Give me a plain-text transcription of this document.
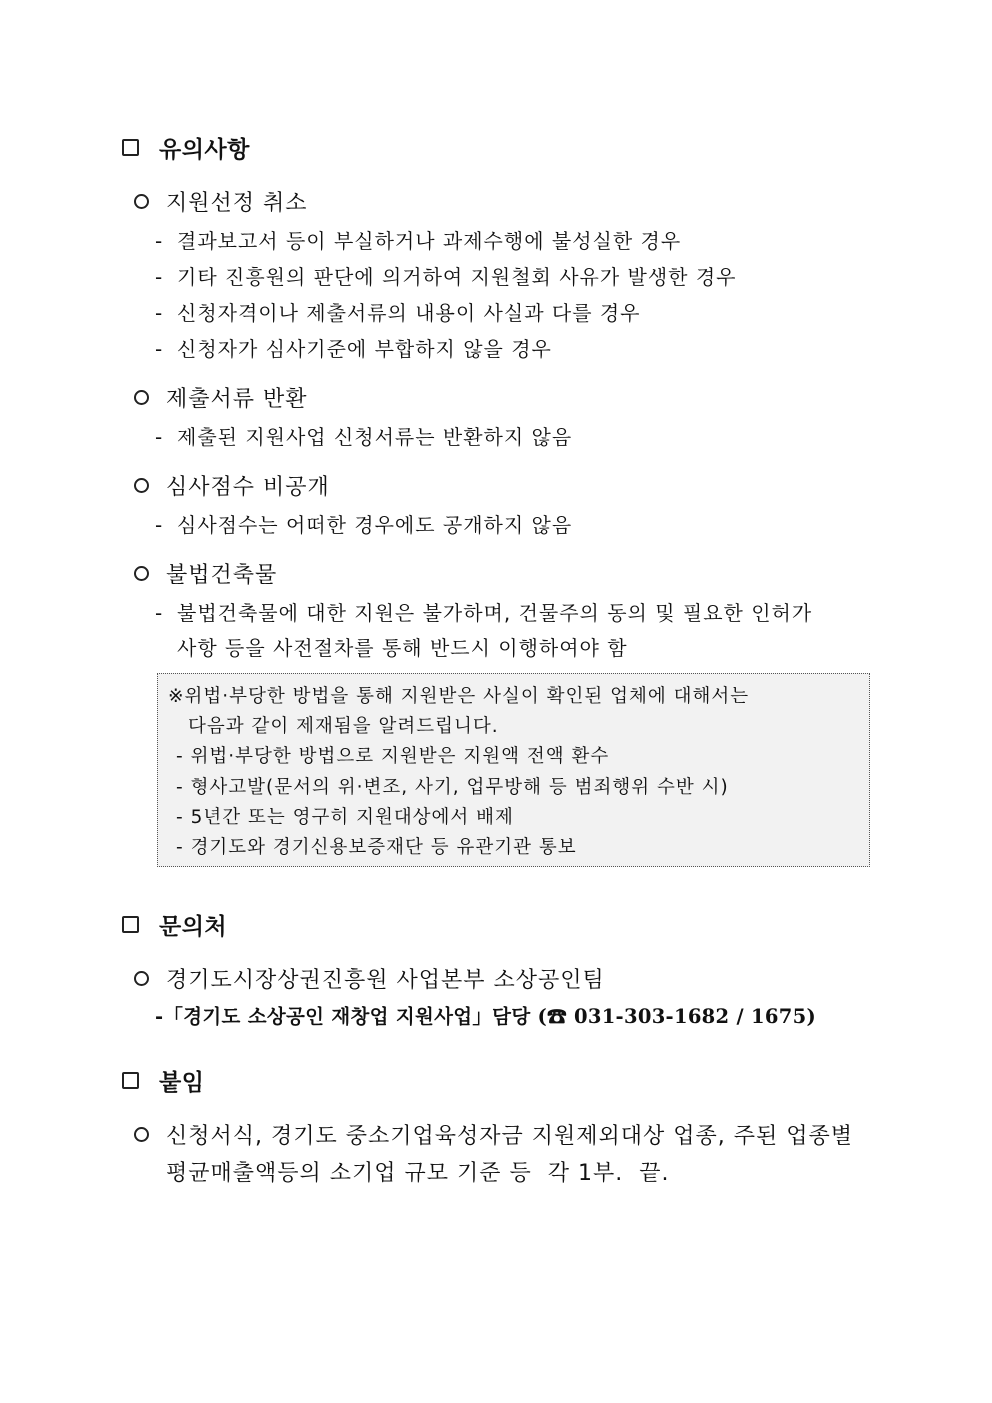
유의사항
지원선정 취소
- 결과보고서 등이 부실하거나 과제수행에 불성실한 경우
- 기타 진흥원의 판단에 의거하여 지원철회 사유가 발생한 경우
- 신청자격이나 제출서류의 내용이 사실과 다를 경우
- 신청자가 심사기준에 부합하지 않을 경우
제출서류 반환
- 제출된 지원사업 신청서류는 반환하지 않음
심사점수 비공개
- 심사점수는 어떠한 경우에도 공개하지 않음
불법건축물
- 불법건축물에 대한 지원은 불가하며, 건물주의 동의 및 필요한 인허가
사항 등을 사전절차를 통해 반드시 이행하여야 함
※위법·부당한 방법을 통해 지원받은 사실이 확인된 업체에 대해서는
다음과 같이 제재됨을 알려드립니다.
- 위법·부당한 방법으로 지원받은 지원액 전액 환수
- 형사고발(문서의 위·변조, 사기, 업무방해 등 범죄행위 수반 시)
- 5년간 또는 영구히 지원대상에서 배제
- 경기도와 경기신용보증재단 등 유관기관 통보
문의처
경기도시장상권진흥원 사업본부 소상공인팀
-「경기도 소상공인 재창업 지원사업」담당 (☎ 031-303-1682 / 1675)
붙임
신청서식, 경기도 중소기업육성자금 지원제외대상 업종, 주된 업종별
평균매출액등의 소기업 규모 기준 등  각 1부.  끝.
